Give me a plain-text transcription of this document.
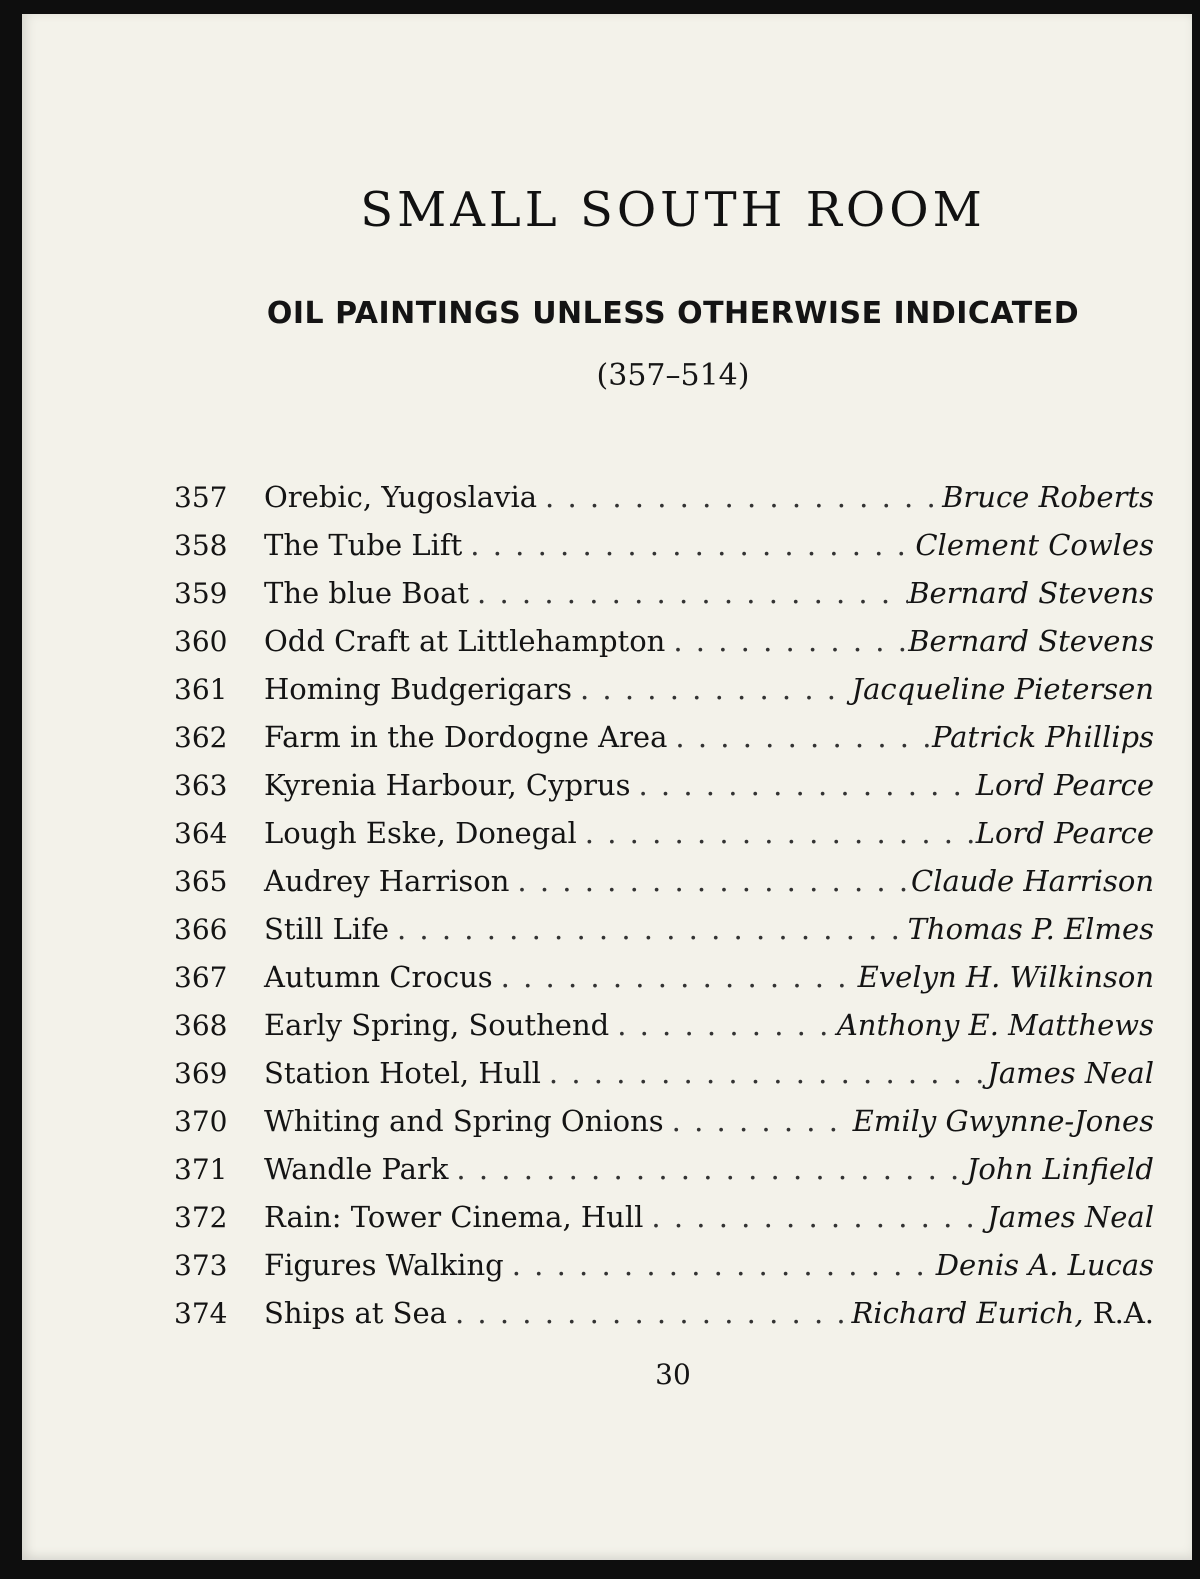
SMALL SOUTH ROOM
OIL PAINTINGS UNLESS OTHERWISE INDICATED
(357–514)
357	Orebic, Yugoslavia . .	Bruce Roberts
358	The Tube Lift . .	Clement Cowles
359	The blue Boat . .	Bernard Stevens
360	Odd Craft at Littlehampton . .	Bernard Stevens
361	Homing Budgerigars . .	Jacqueline Pietersen
362	Farm in the Dordogne Area . .	Patrick Phillips
363	Kyrenia Harbour, Cyprus . .	Lord Pearce
364	Lough Eske, Donegal . .	Lord Pearce
365	Audrey Harrison . .	Claude Harrison
366	Still Life . .	Thomas P. Elmes
367	Autumn Crocus . .	Evelyn H. Wilkinson
368	Early Spring, Southend . .	Anthony E. Matthews
369	Station Hotel, Hull . .	James Neal
370	Whiting and Spring Onions . .	Emily Gwynne-Jones
371	Wandle Park . .	John Linfield
372	Rain: Tower Cinema, Hull . .	James Neal
373	Figures Walking . .	Denis A. Lucas
374	Ships at Sea . .	Richard Eurich, R.A.
30
